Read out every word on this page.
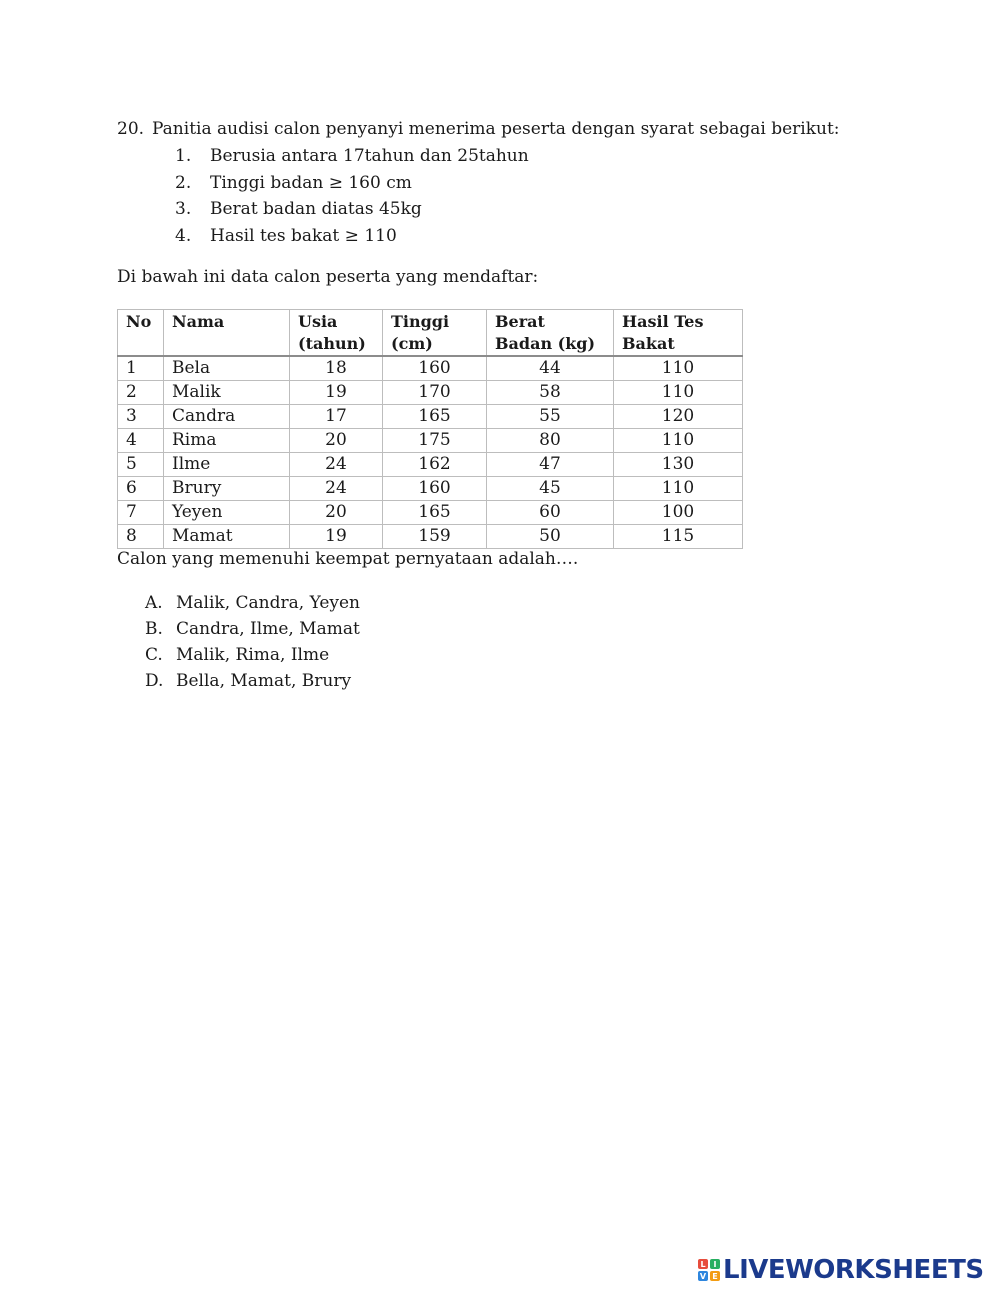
20. Panitia audisi calon penyanyi menerima peserta dengan syarat sebagai berikut:
1. Berusia antara 17tahun dan 25tahun
2. Tinggi badan ≥ 160 cm
3. Berat badan diatas 45kg
4. Hasil tes bakat ≥ 110
Di bawah ini data calon peserta yang mendaftar:
No	Nama	Usia (tahun)	Tinggi (cm)	Berat Badan (kg)	Hasil Tes Bakat
1	Bela	18	160	44	110
2	Malik	19	170	58	110
3	Candra	17	165	55	120
4	Rima	20	175	80	110
5	Ilme	24	162	47	130
6	Brury	24	160	45	110
7	Yeyen	20	165	60	100
8	Mamat	19	159	50	115
Calon yang memenuhi keempat pernyataan adalah….
A. Malik, Candra, Yeyen
B. Candra, Ilme, Mamat
C. Malik, Rima, Ilme
D. Bella, Mamat, Brury
L I
V E LIVEWORKSHEETS
